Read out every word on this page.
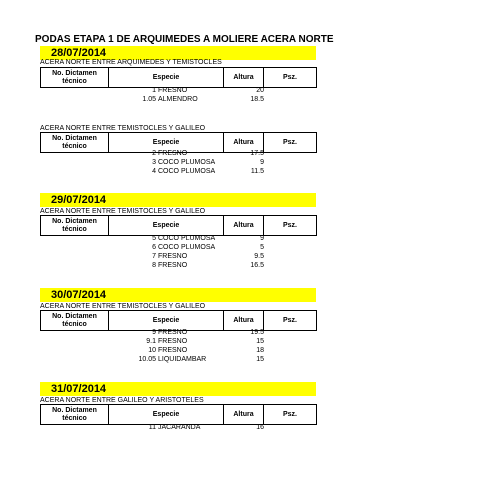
PODAS ETAPA 1 DE ARQUIMEDES A MOLIERE ACERA NORTE
28/07/2014
ACERA NORTE ENTRE ARQUIMEDES Y TEMISTOCLES
No. Dictamen
técnico	Especie	Altura	Psz.
1 FRESNO	20
1.05 ALMENDRO	18.5
ACERA NORTE ENTRE TEMISTOCLES Y GALILEO
No. Dictamen
técnico	Especie	Altura	Psz.
2 FRESNO	17.5
3 COCO PLUMOSA	9
4 COCO PLUMOSA	11.5
29/07/2014
ACERA NORTE ENTRE TEMISTOCLES Y GALILEO
No. Dictamen
técnico	Especie	Altura	Psz.
5 COCO PLUMOSA	9
6 COCO PLUMOSA	5
7 FRESNO	9.5
8 FRESNO	16.5
30/07/2014
ACERA NORTE ENTRE TEMISTOCLES Y GALILEO
No. Dictamen
técnico	Especie	Altura	Psz.
9 FRESNO	19.5
9.1 FRESNO	15
10 FRESNO	18
10.05 LIQUIDAMBAR	15
31/07/2014
ACERA NORTE ENTRE GALILEO Y ARISTOTELES
No. Dictamen
técnico	Especie	Altura	Psz.
11 JACARANDA	16
